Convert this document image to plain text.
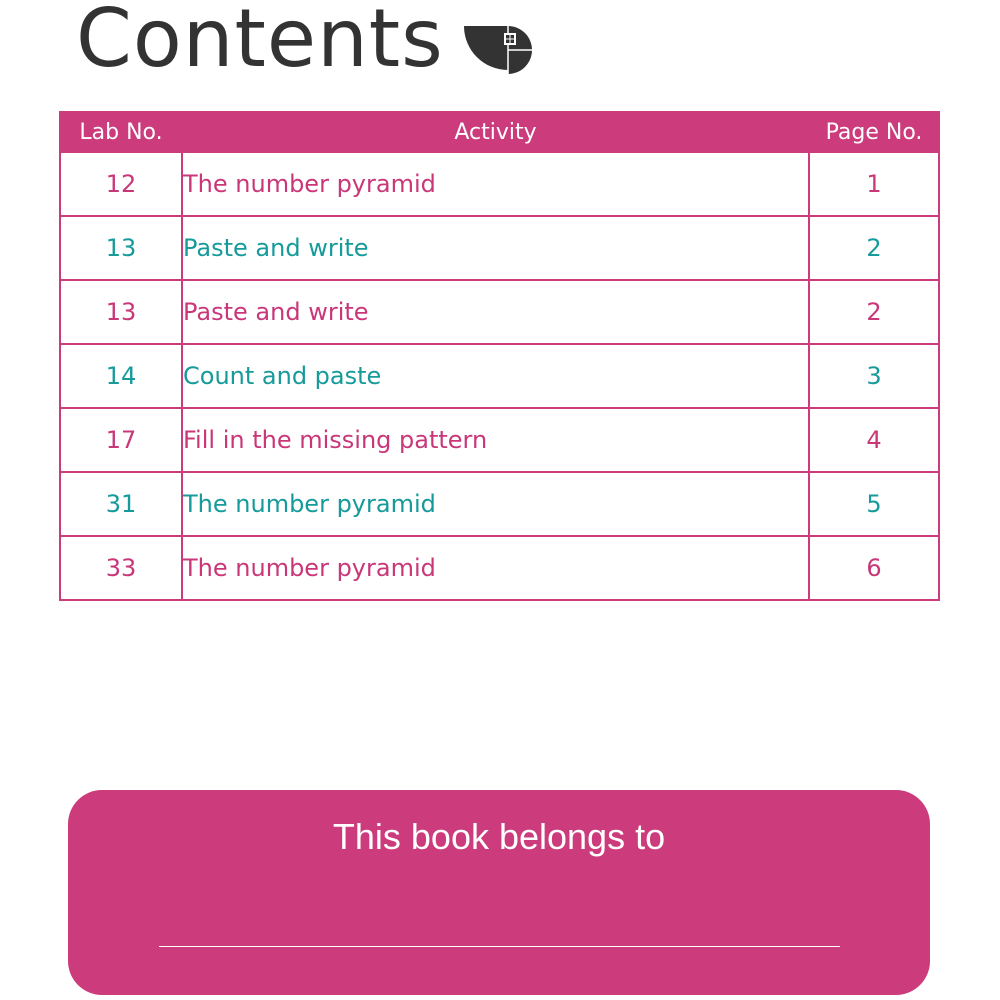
Contents
Lab No.	Activity	Page No.
12	The number pyramid	1
13	Paste and write	2
13	Paste and write	2
14	Count and paste	3
17	Fill in the missing pattern	4
31	The number pyramid	5
33	The number pyramid	6
This book belongs to
